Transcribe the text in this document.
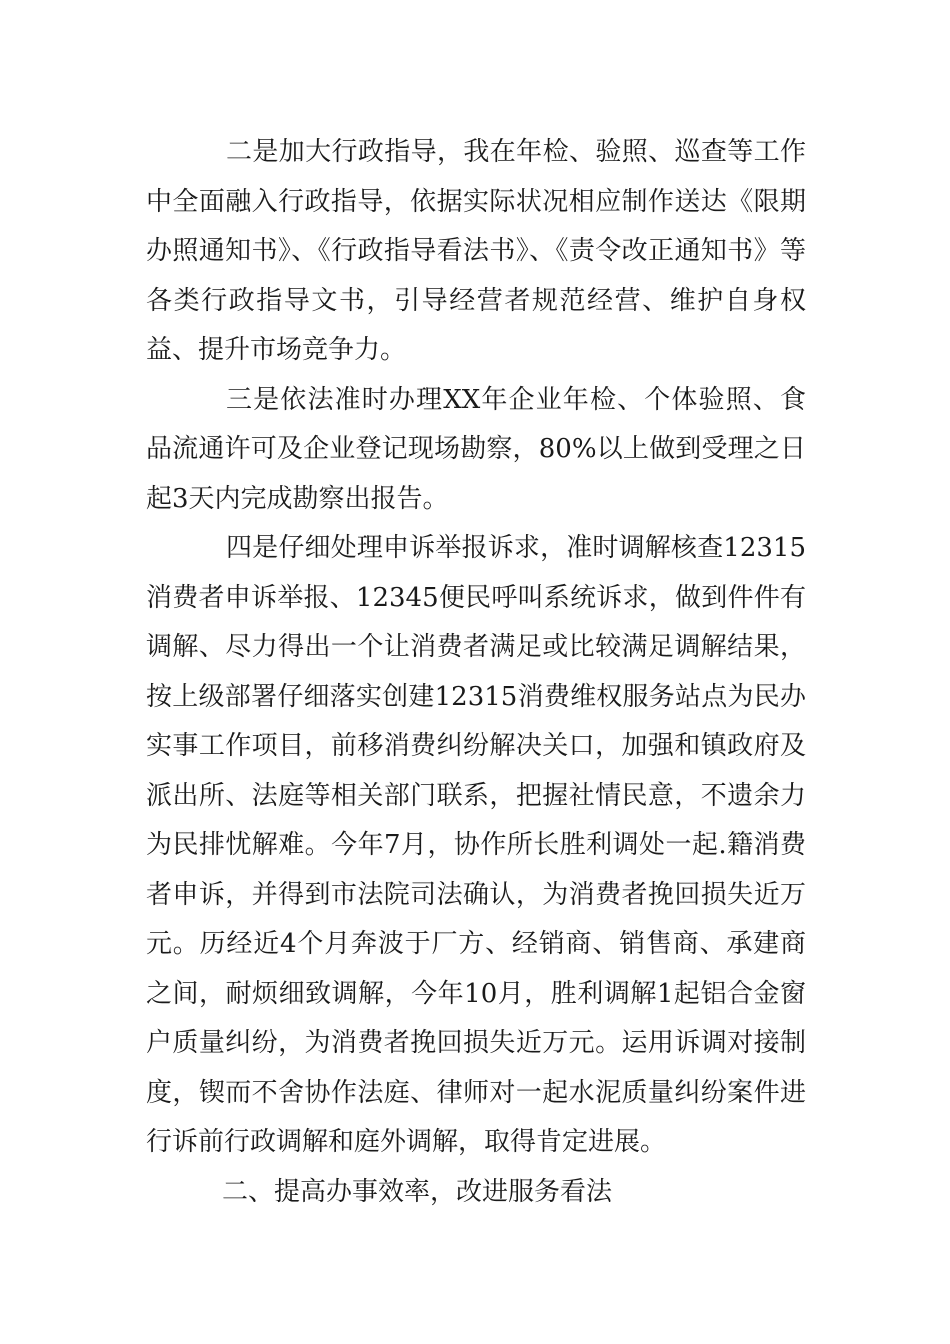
二是加大行政指导，我在年检、验照、巡查等工作中全面融入行政指导，依据实际状况相应制作送达《限期办照通知书》、《行政指导看法书》、《责令改正通知书》等各类行政指导文书，引导经营者规范经营、维护自身权益、提升市场竞争力。

三是依法准时办理XX年企业年检、个体验照、食品流通许可及企业登记现场勘察，80%以上做到受理之日起3天内完成勘察出报告。

四是仔细处理申诉举报诉求，准时调解核查12315消费者申诉举报、12345便民呼叫系统诉求，做到件件有调解、尽力得出一个让消费者满足或比较满足调解结果，按上级部署仔细落实创建12315消费维权服务站点为民办实事工作项目，前移消费纠纷解决关口，加强和镇政府及派出所、法庭等相关部门联系，把握社情民意，不遗余力为民排忧解难。今年7月，协作所长胜利调处一起.籍消费者申诉，并得到市法院司法确认，为消费者挽回损失近万元。历经近4个月奔波于厂方、经销商、销售商、承建商之间，耐烦细致调解，今年10月，胜利调解1起铝合金窗户质量纠纷，为消费者挽回损失近万元。运用诉调对接制度，锲而不舍协作法庭、律师对一起水泥质量纠纷案件进行诉前行政调解和庭外调解，取得肯定进展。

二、提高办事效率，改进服务看法
